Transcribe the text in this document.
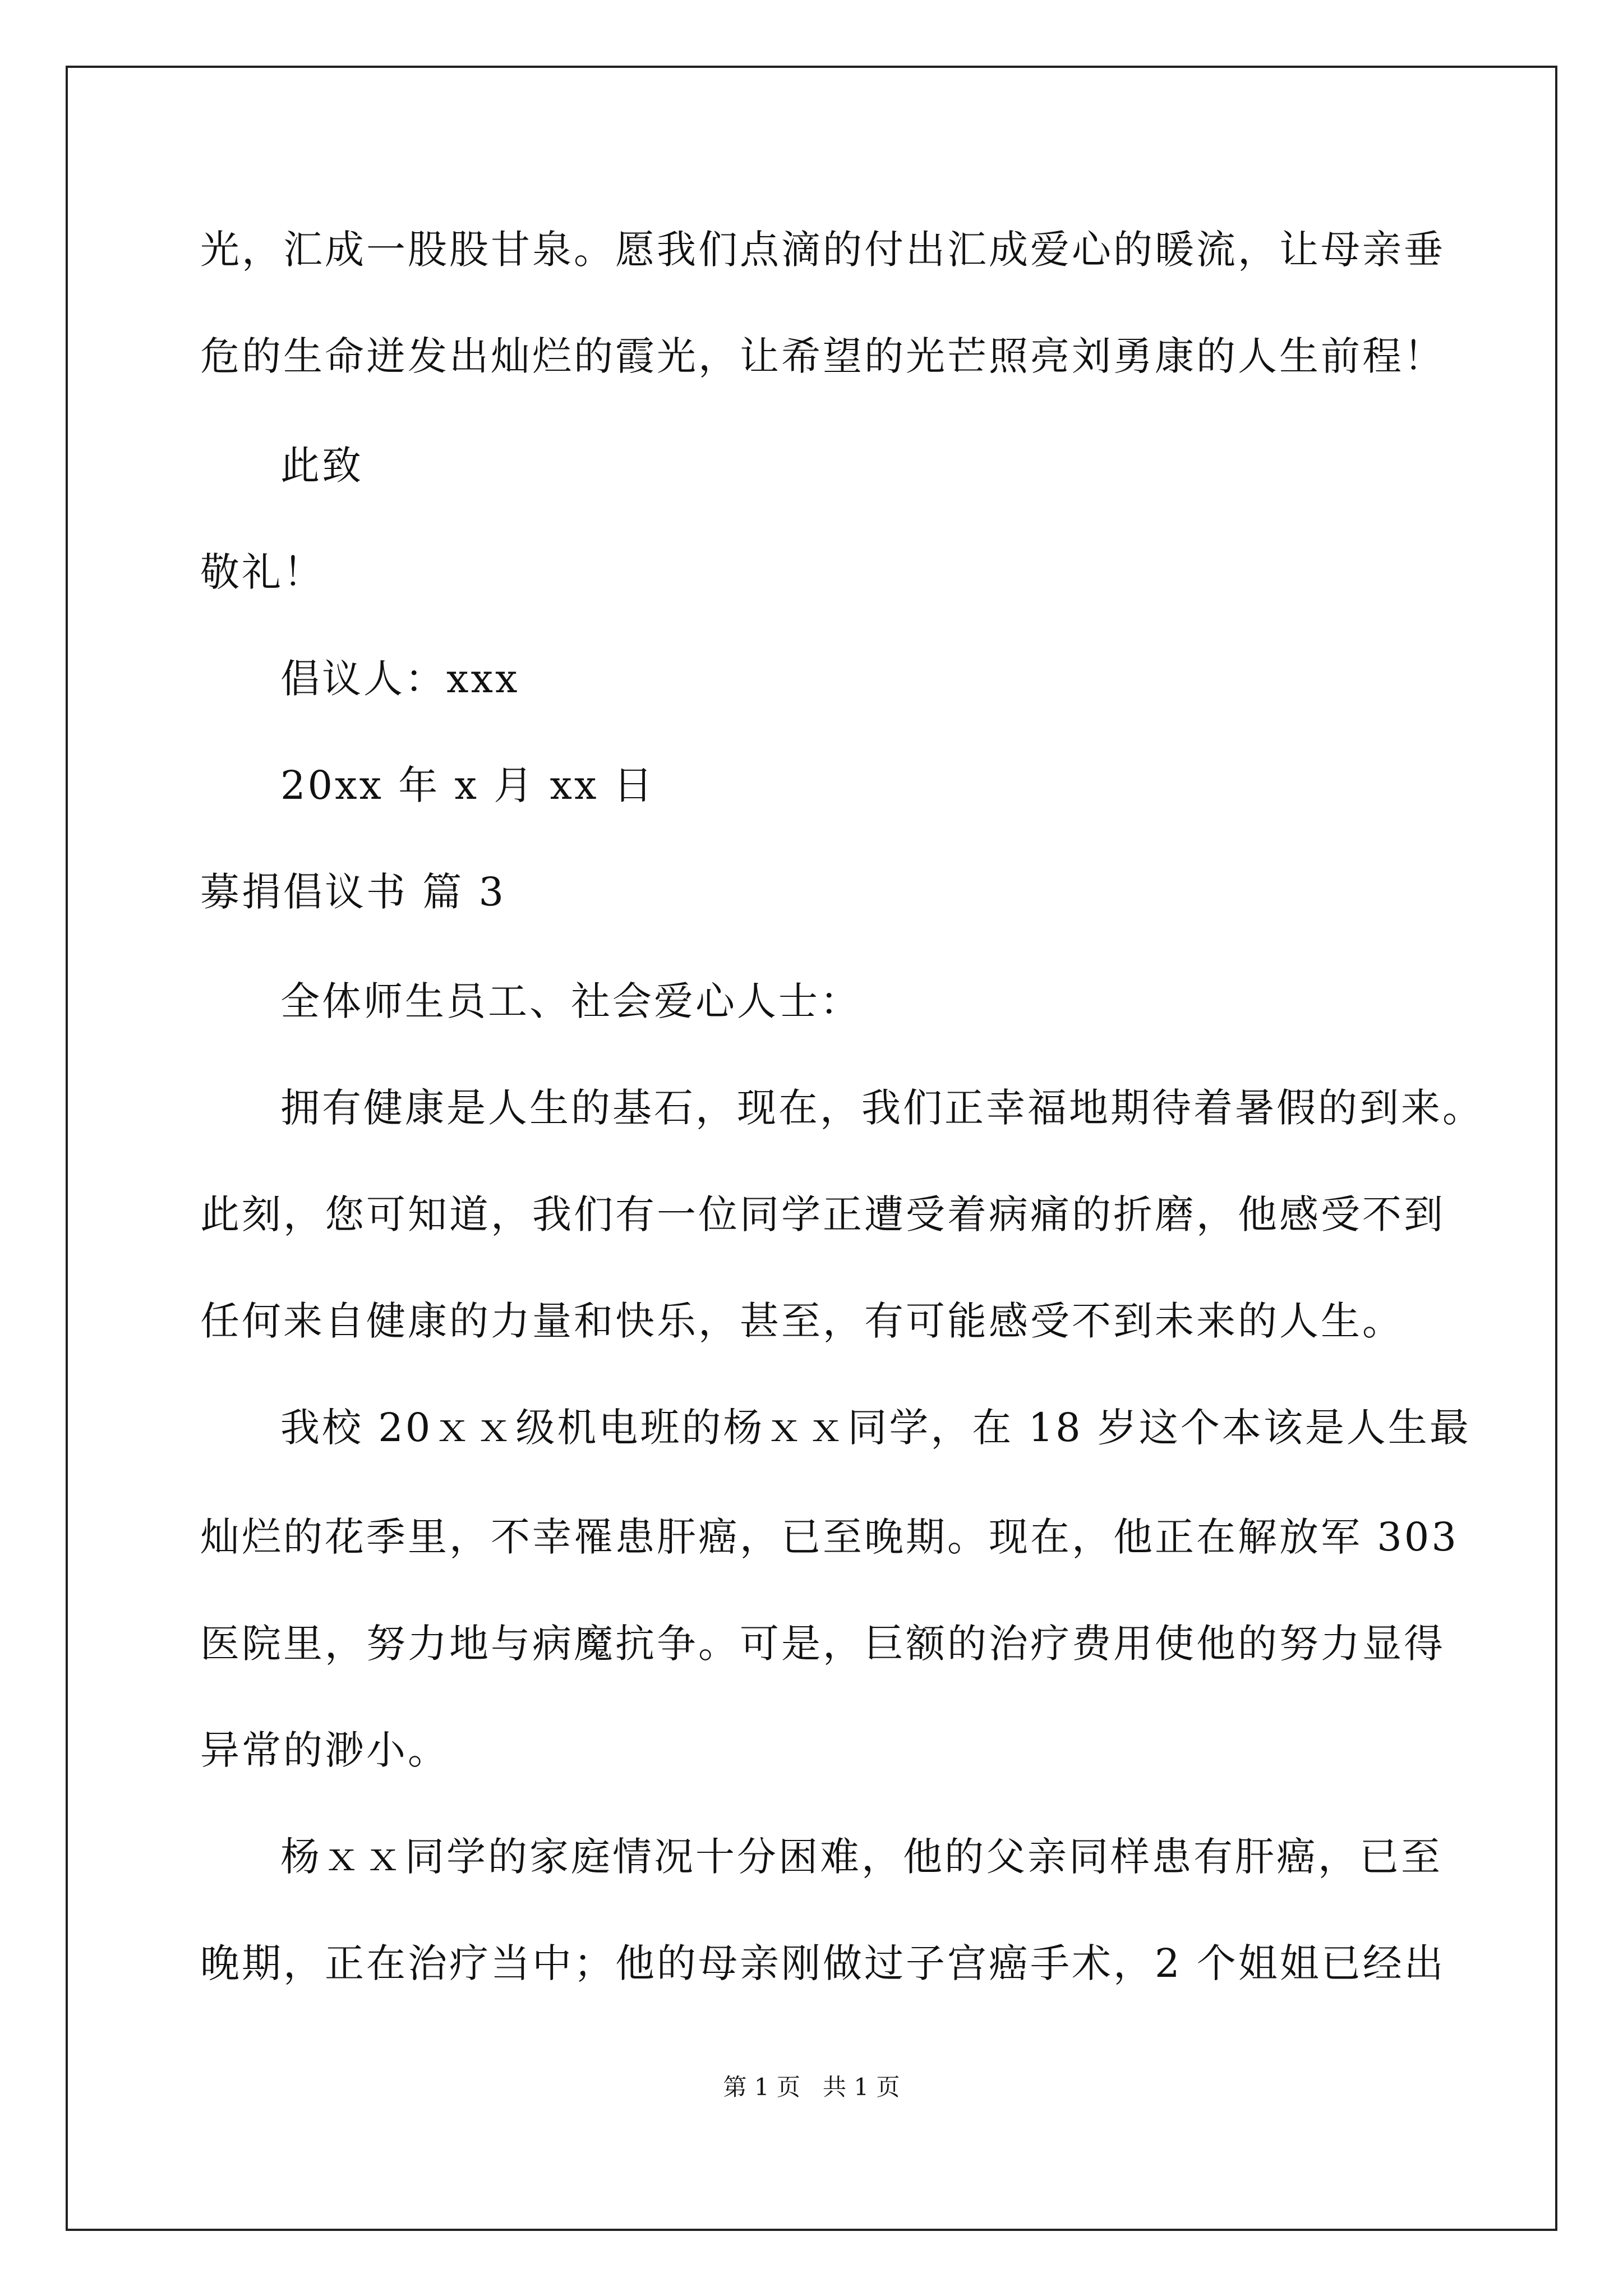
光，汇成一股股甘泉。愿我们点滴的付出汇成爱心的暖流，让母亲垂
危的生命迸发出灿烂的霞光，让希望的光芒照亮刘勇康的人生前程！
此致
敬礼！
倡议人：xxx
20xx 年 x 月 xx 日
募捐倡议书 篇 3
全体师生员工、社会爱心人士：
拥有健康是人生的基石，现在，我们正幸福地期待着暑假的到来。
此刻，您可知道，我们有一位同学正遭受着病痛的折磨，他感受不到
任何来自健康的力量和快乐，甚至，有可能感受不到未来的人生。
我校 20ｘｘ级机电班的杨ｘｘ同学，在 18 岁这个本该是人生最
灿烂的花季里，不幸罹患肝癌，已至晚期。现在，他正在解放军 303
医院里，努力地与病魔抗争。可是，巨额的治疗费用使他的努力显得
异常的渺小。
杨ｘｘ同学的家庭情况十分困难，他的父亲同样患有肝癌，已至
晚期，正在治疗当中；他的母亲刚做过子宫癌手术，2 个姐姐已经出
第 1 页   共 1 页
